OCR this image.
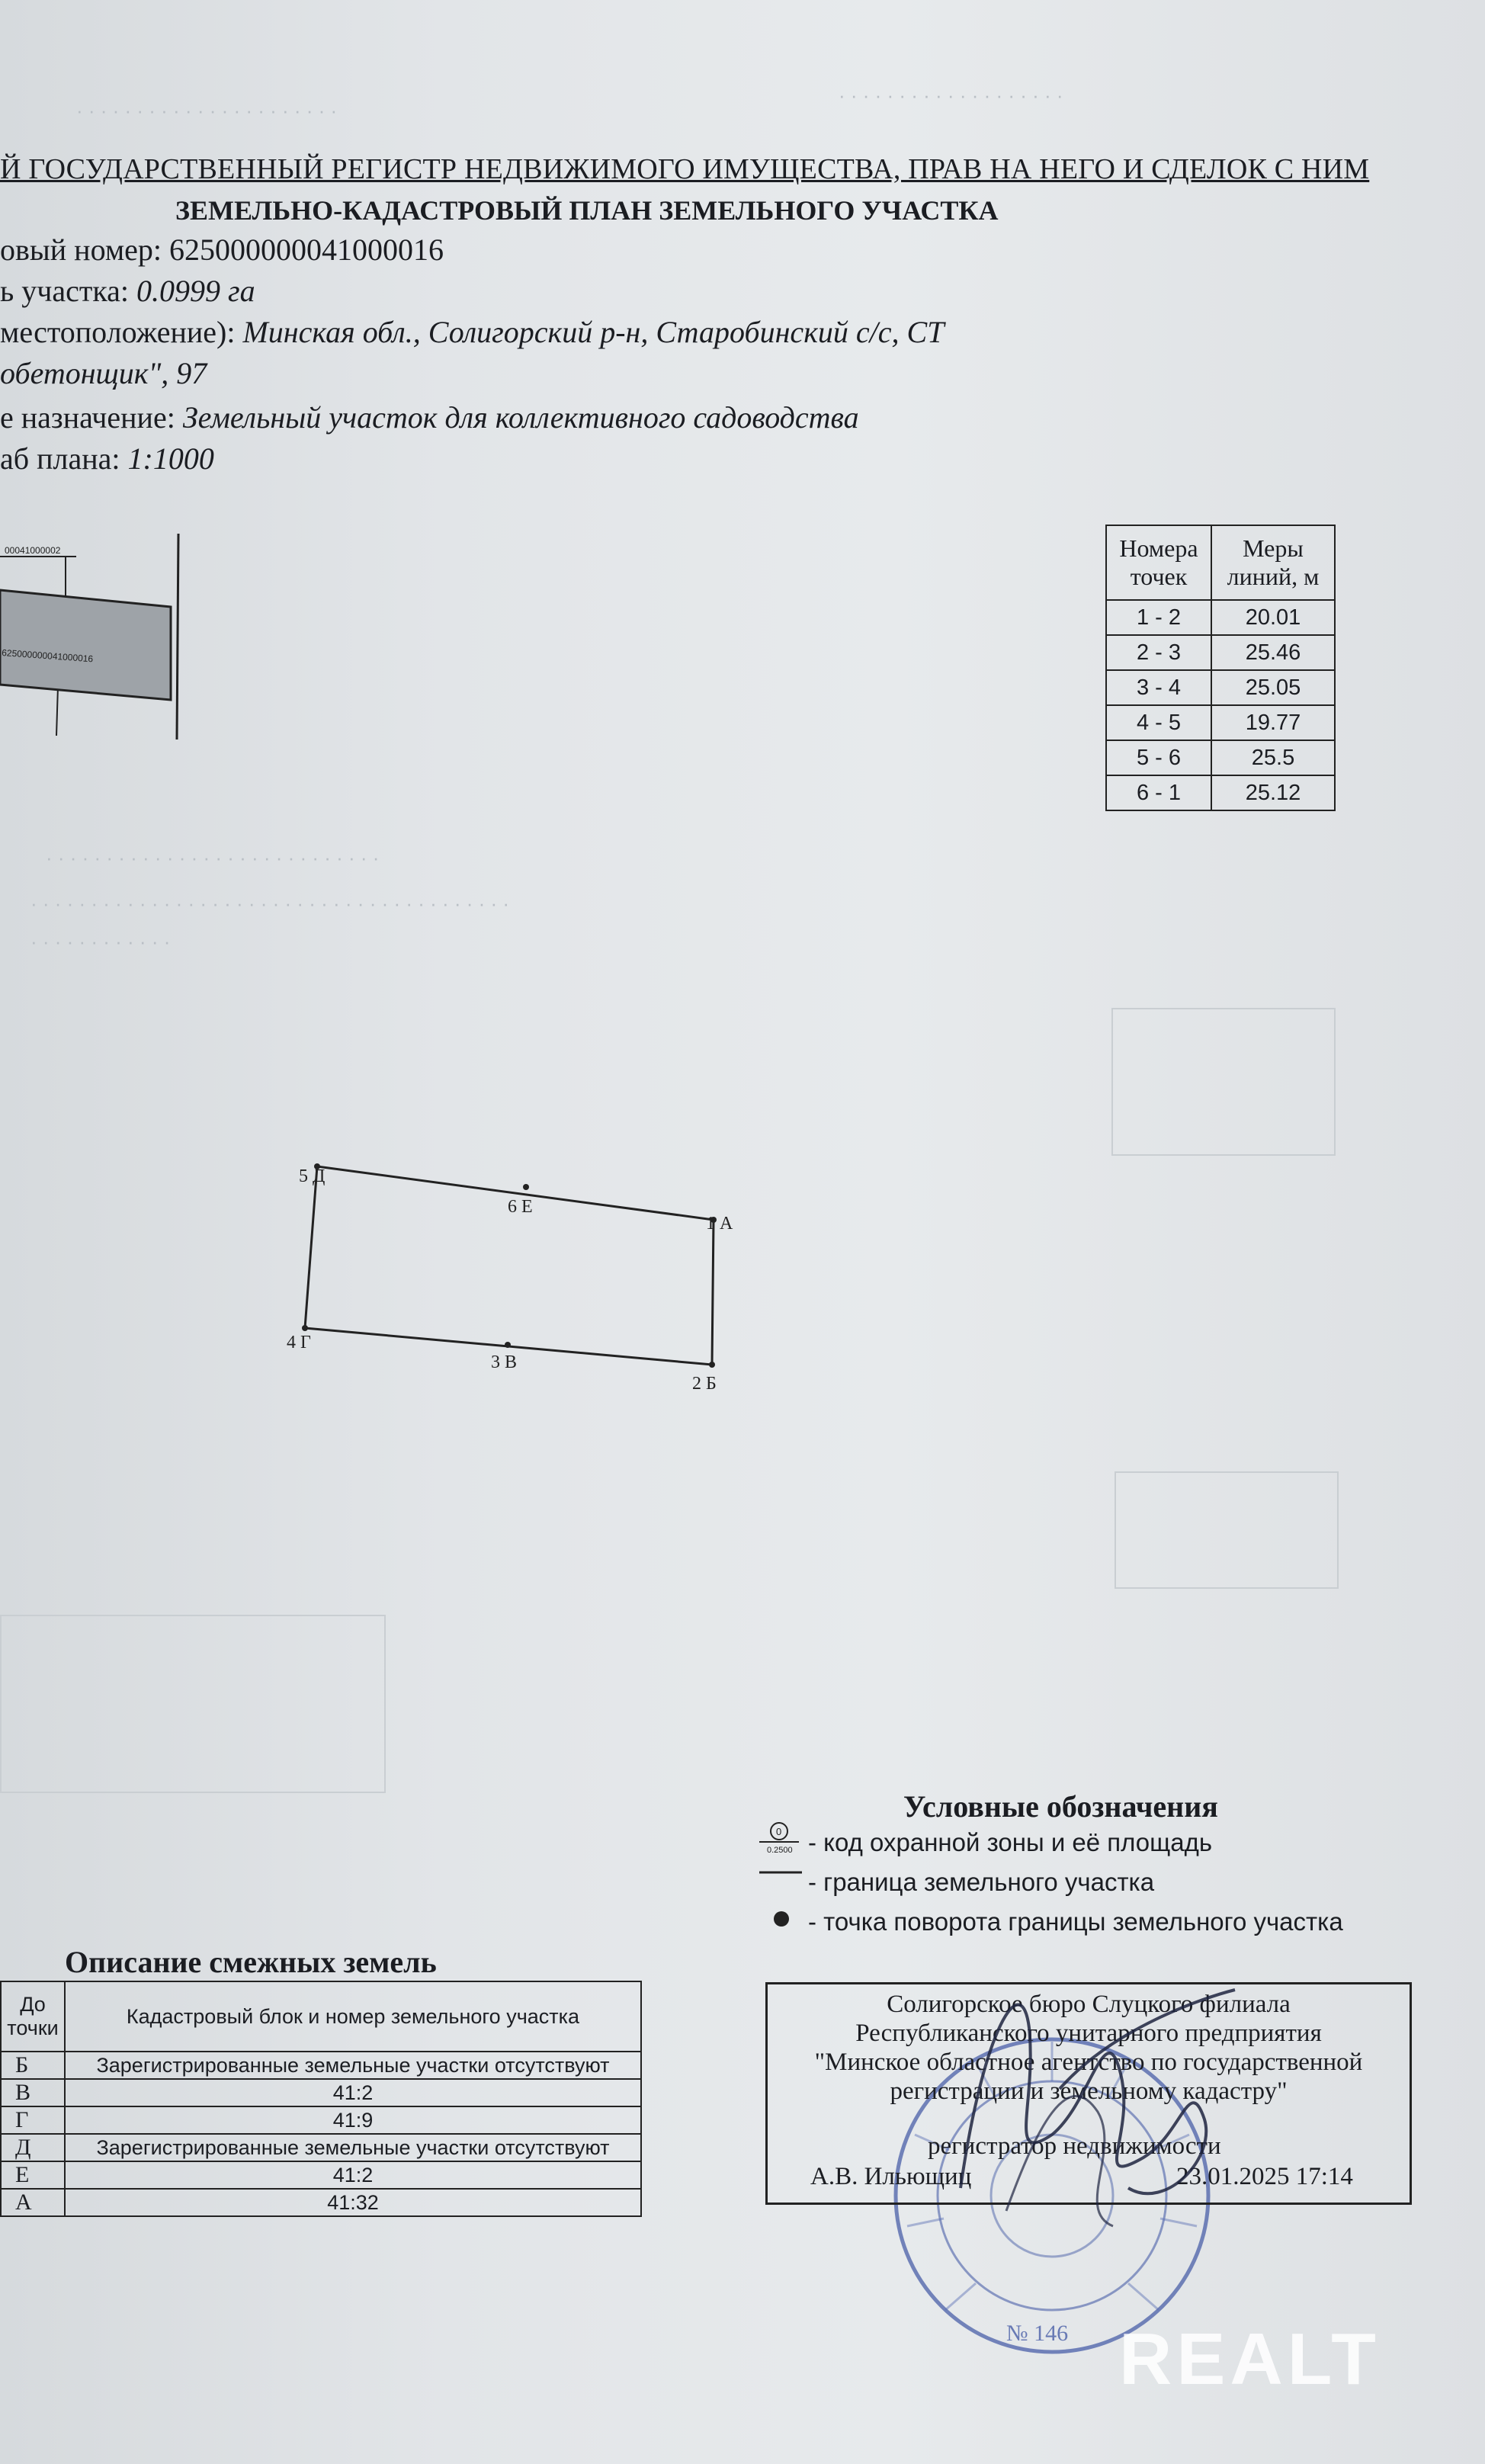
· · · · · · · · · · · · · · · · · · · · · ·
· · · · · · · · · · · · · · · · · · ·
· · · · · · · · · · · · · · · · · · · · · · · · · · · ·
· · · · · · · · · · · · · · · · · · · · · · · · · · · · · · · · · · · · · · · ·
· · · · · · · · · · · ·
Й ГОСУДАРСТВЕННЫЙ РЕГИСТР НЕДВИЖИМОГО ИМУЩЕСТВА, ПРАВ НА НЕГО И СДЕЛОК С НИМ
ЗЕМЕЛЬНО-КАДАСТРОВЫЙ ПЛАН ЗЕМЕЛЬНОГО УЧАСТКА
овый номер: 625000000041000016
ь участка: 0.0999 га
местоположение): Минская обл., Солигорский р-н, Старобинский с/с, СТ
обетонщик", 97
е назначение: Земельный участок для коллективного садоводства
аб плана: 1:1000
00041000002
625000000041000016
Номера точек	Меры линий, м
1 - 2	20.01
2 - 3	25.46
3 - 4	25.05
4 - 5	19.77
5 - 6	25.5
6 - 1	25.12
1 А
2 Б
3 В
4 Г
5 Д
6 Е
Условные обозначения
0
0.2500 - код охранной зоны и её площадь
- граница земельного участка
- точка поворота границы земельного участка
Описание смежных земель
До точки	Кадастровый блок и номер земельного участка
Б	Зарегистрированные земельные участки отсутствуют
В	41:2
Г	41:9
Д	Зарегистрированные земельные участки отсутствуют
Е	41:2
А	41:32
№ 146
Солигорское бюро Слуцкого филиала
Республиканского унитарного предприятия
"Минское областное агентство по государственной
регистрации и земельному кадастру"
регистратор недвижимости
А.В. Ильющиц	23.01.2025 17:14
REALT
